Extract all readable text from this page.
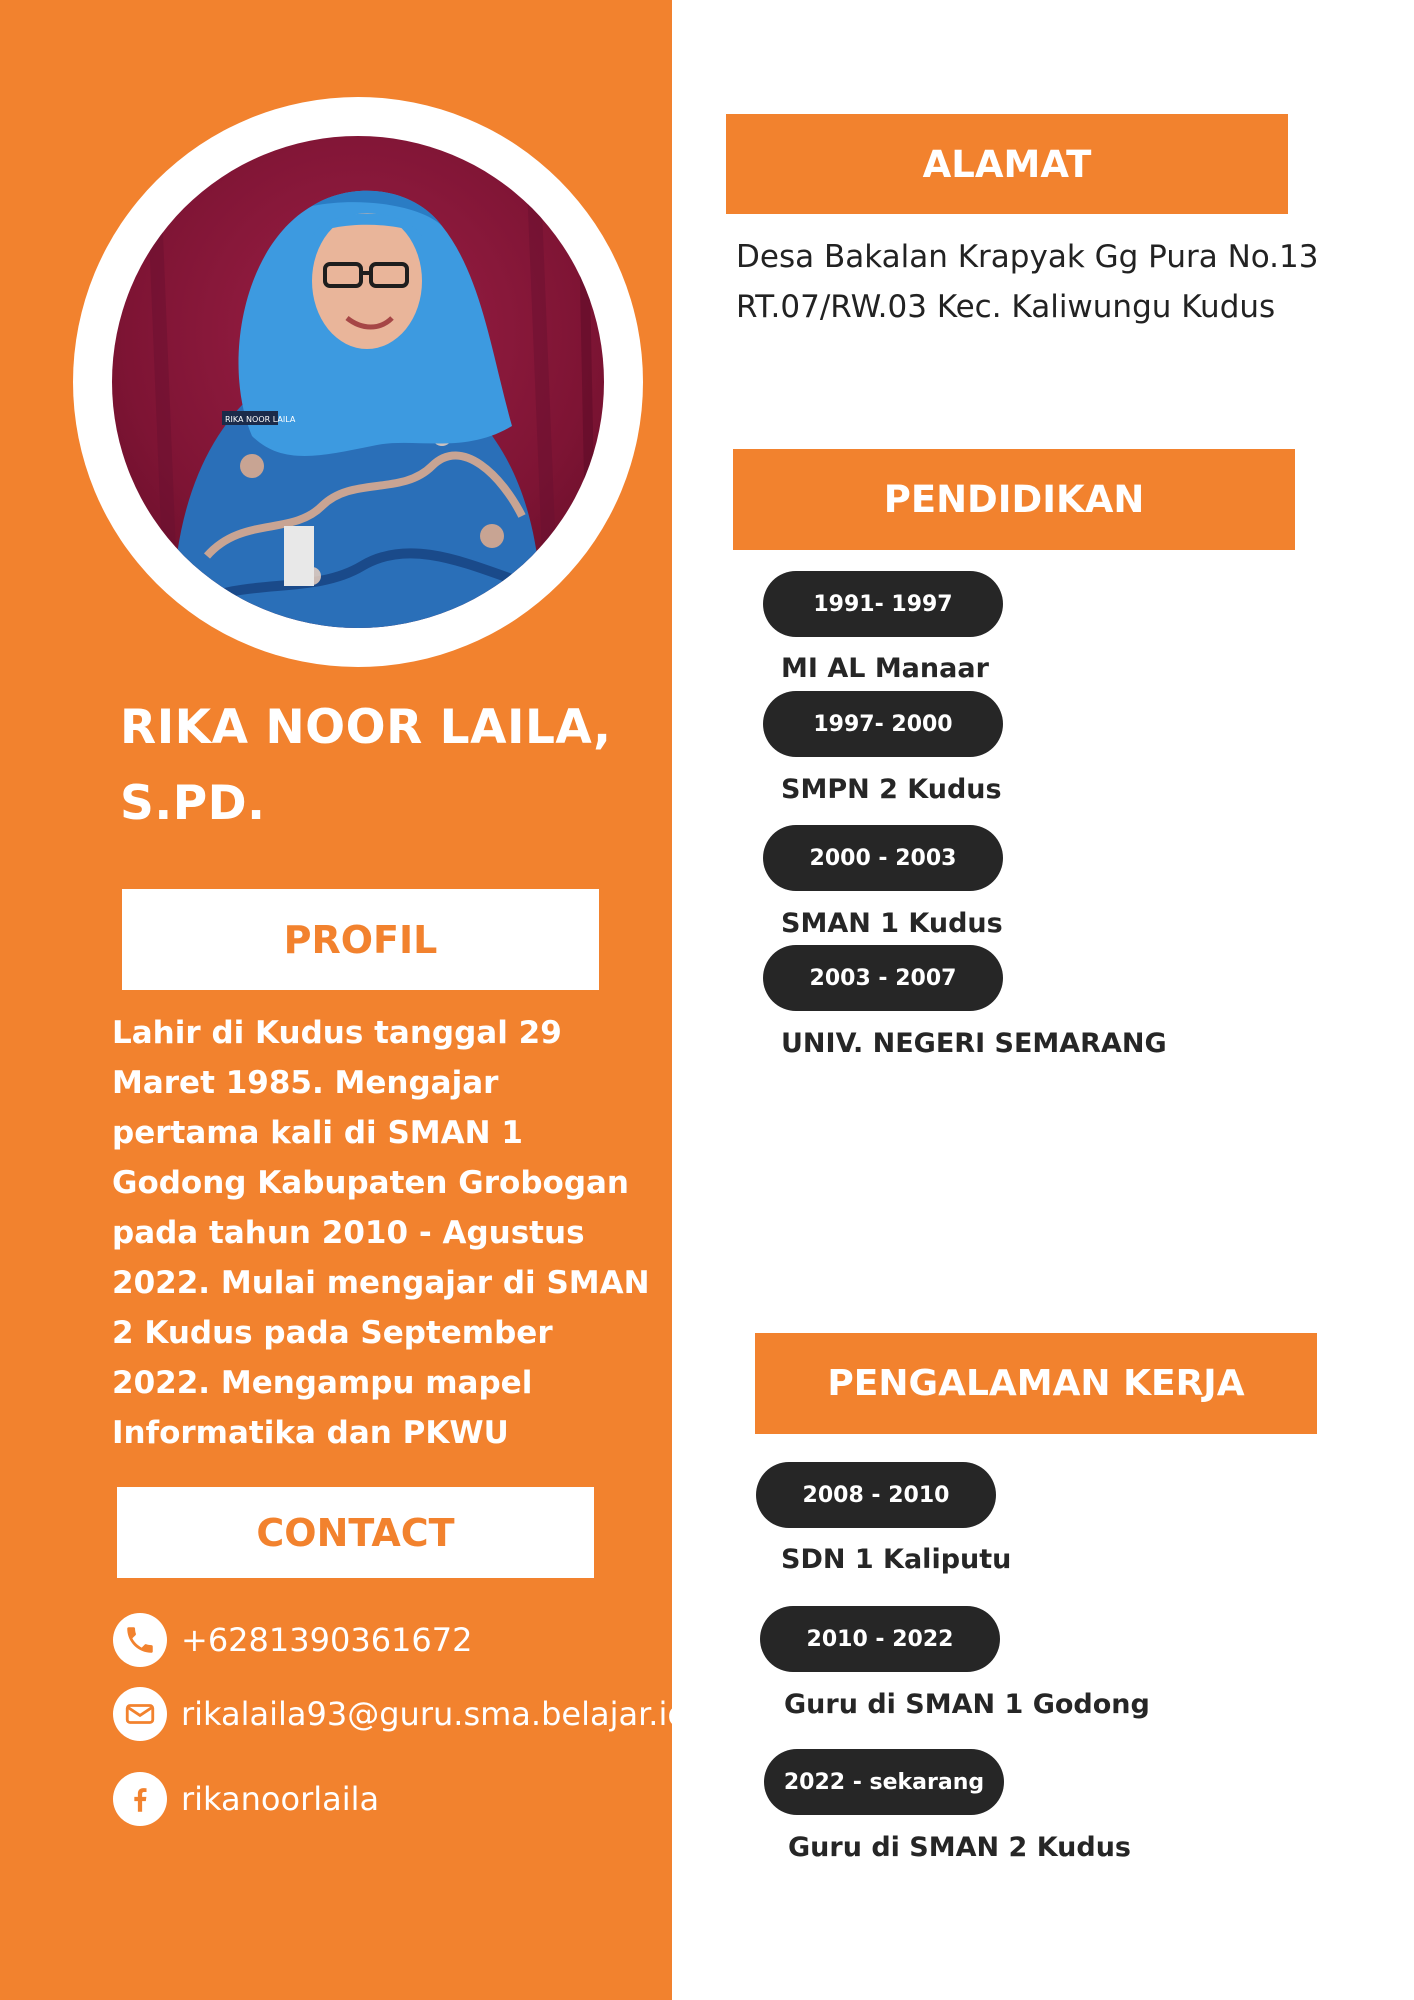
RIKA NOOR LAILA
RIKA NOOR LAILA, S.PD.
PROFIL
Lahir di Kudus tanggal 29 Maret 1985. Mengajar pertama kali di SMAN 1 Godong Kabupaten Grobogan pada tahun 2010 - Agustus 2022. Mulai mengajar di SMAN 2 Kudus pada September 2022. Mengampu mapel Informatika dan PKWU
CONTACT
+6281390361672
rikalaila93@guru.sma.belajar.id
rikanoorlaila
ALAMAT
Desa Bakalan Krapyak Gg Pura No.13
RT.07/RW.03 Kec. Kaliwungu Kudus
PENDIDIKAN
1991- 1997
MI AL Manaar
1997- 2000
SMPN 2 Kudus
2000 - 2003
SMAN 1 Kudus
2003 - 2007
UNIV. NEGERI SEMARANG
PENGALAMAN KERJA
2008 - 2010
SDN 1 Kaliputu
2010 - 2022
Guru di SMAN 1 Godong
2022 - sekarang
Guru di SMAN 2 Kudus
